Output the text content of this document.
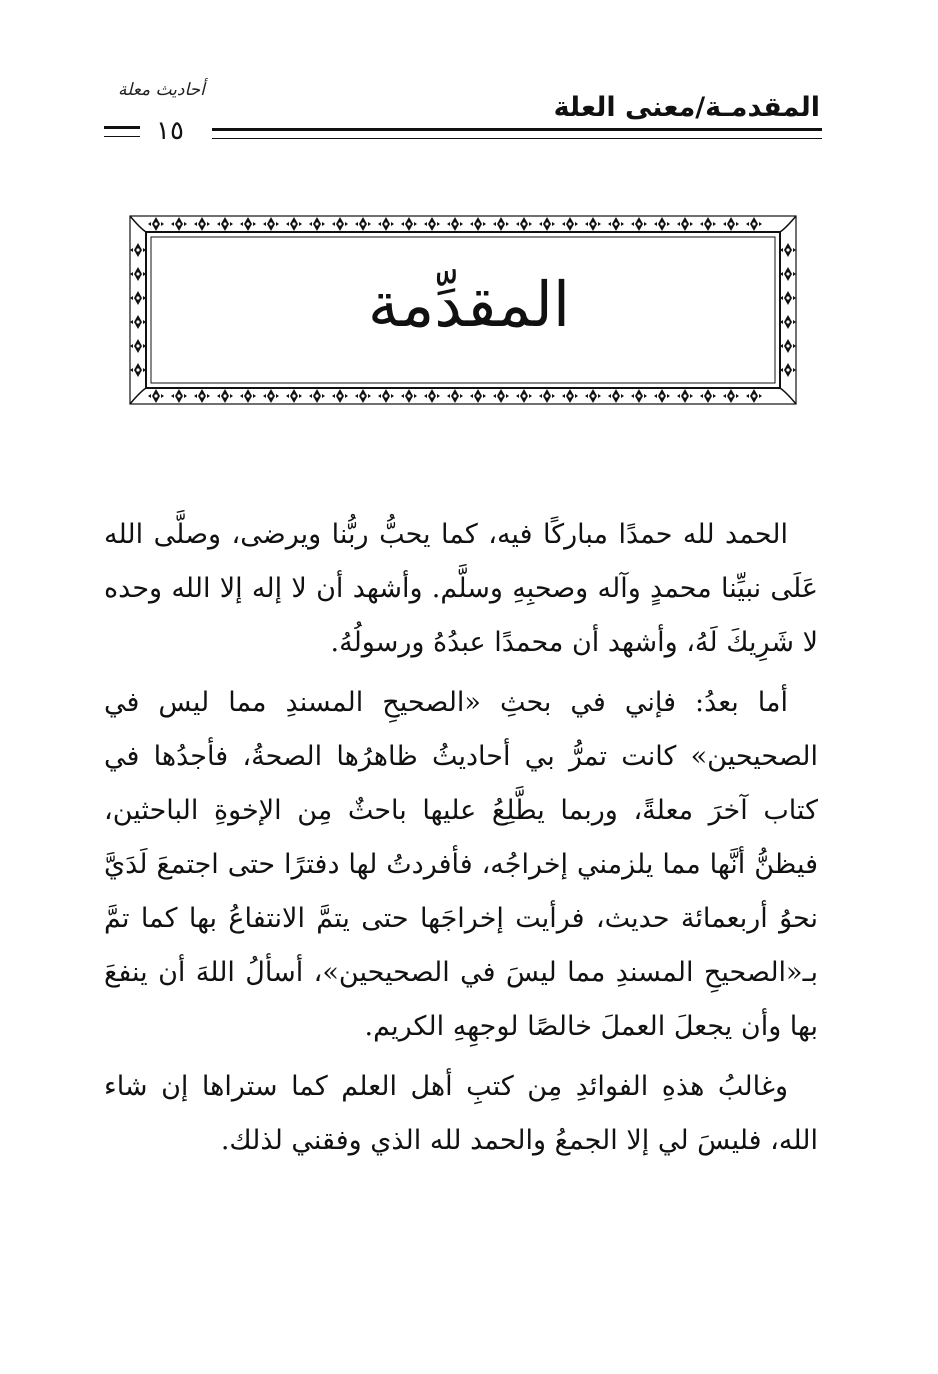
المقدمـة/معنى العلة
أحاديث معلة
١٥
المقدِّمة

الحمد لله حمدًا مباركًا فيه، كما يحبُّ ربُّنا ويرضى، وصلَّى الله عَلَى نبيِّنا محمدٍ وآله وصحبِهِ وسلَّم. وأشهد أن لا إله إلا الله وحده لا شَرِيكَ لَهُ، وأشهد أن محمدًا عبدُهُ ورسولُهُ.

أما بعدُ: فإني في بحثِ «الصحيحِ المسندِ مما ليس في الصحيحين» كانت تمرُّ بي أحاديثُ ظاهرُها الصحةُ، فأجدُها في كتاب آخرَ معلةً، وربما يطَّلِعُ عليها باحثٌ مِن الإخوةِ الباحثين، فيظنُّ أنَّها مما يلزمني إخراجُه، فأفردتُ لها دفترًا حتى اجتمعَ لَدَيَّ نحوُ أربعمائة حديث، فرأيت إخراجَها حتى يتمَّ الانتفاعُ بها كما تمَّ بـ«الصحيحِ المسندِ مما ليسَ في الصحيحين»، أسألُ اللهَ أن ينفعَ بها وأن يجعلَ العملَ خالصًا لوجهِهِ الكريم.

وغالبُ هذهِ الفوائدِ مِن كتبِ أهل العلم كما ستراها إن شاء الله، فليسَ لي إلا الجمعُ والحمد لله الذي وفقني لذلك.
